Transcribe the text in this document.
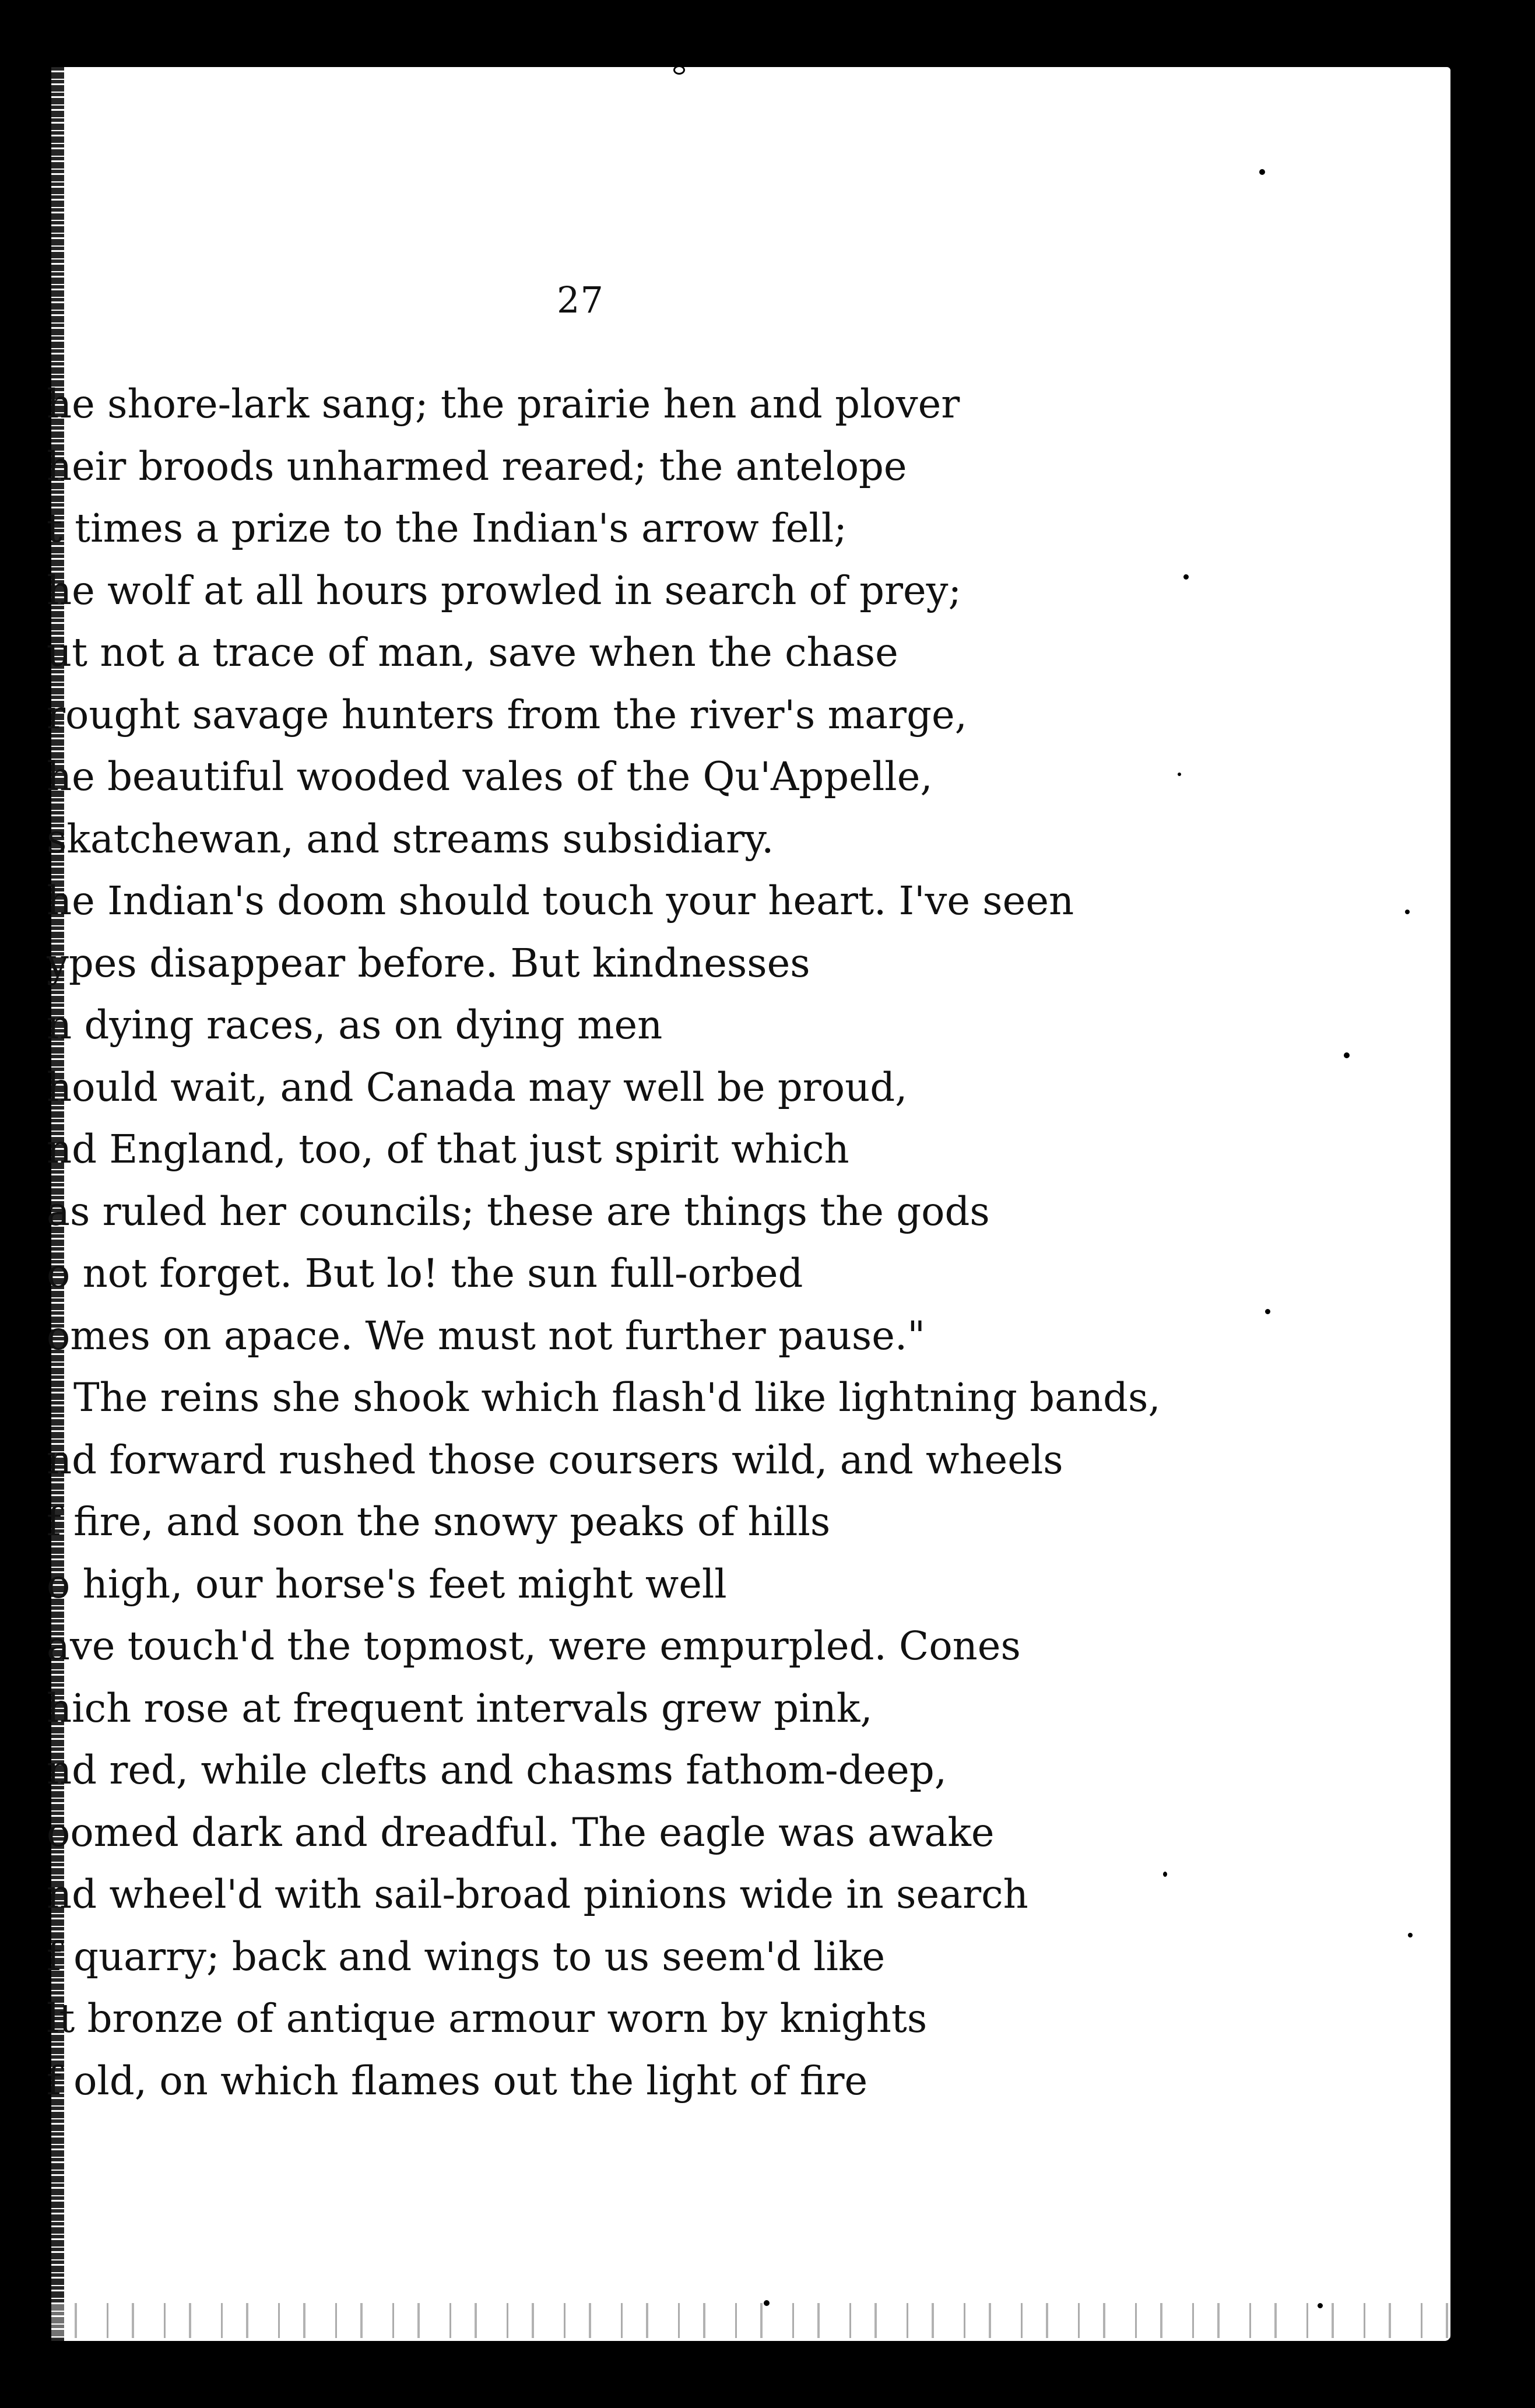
27
he shore-lark sang; the prairie hen and plover
heir broods unharmed reared; the antelope
t times a prize to the Indian's arrow fell;
he wolf at all hours prowled in search of prey;
ut not a trace of man, save when the chase
rought savage hunters from the river's marge,
he beautiful wooded vales of the Qu'Appelle,
skatchewan, and streams subsidiary.
he Indian's doom should touch your heart. I've seen
ypes disappear before. But kindnesses
n dying races, as on dying men
hould wait, and Canada may well be proud,
nd England, too, of that just spirit which
as ruled her councils; these are things the gods
o not forget. But lo! the sun full-orbed
omes on apace. We must not further pause."
The reins she shook which flash'd like lightning bands,
nd forward rushed those coursers wild, and wheels
f fire, and soon the snowy peaks of hills
o high, our horse's feet might well
ave touch'd the topmost, were empurpled. Cones
hich rose at frequent intervals grew pink,
nd red, while clefts and chasms fathom-deep,
oomed dark and dreadful. The eagle was awake
nd wheel'd with sail-broad pinions wide in search
f quarry; back and wings to us seem'd like
lt bronze of antique armour worn by knights
f old, on which flames out the light of fire
